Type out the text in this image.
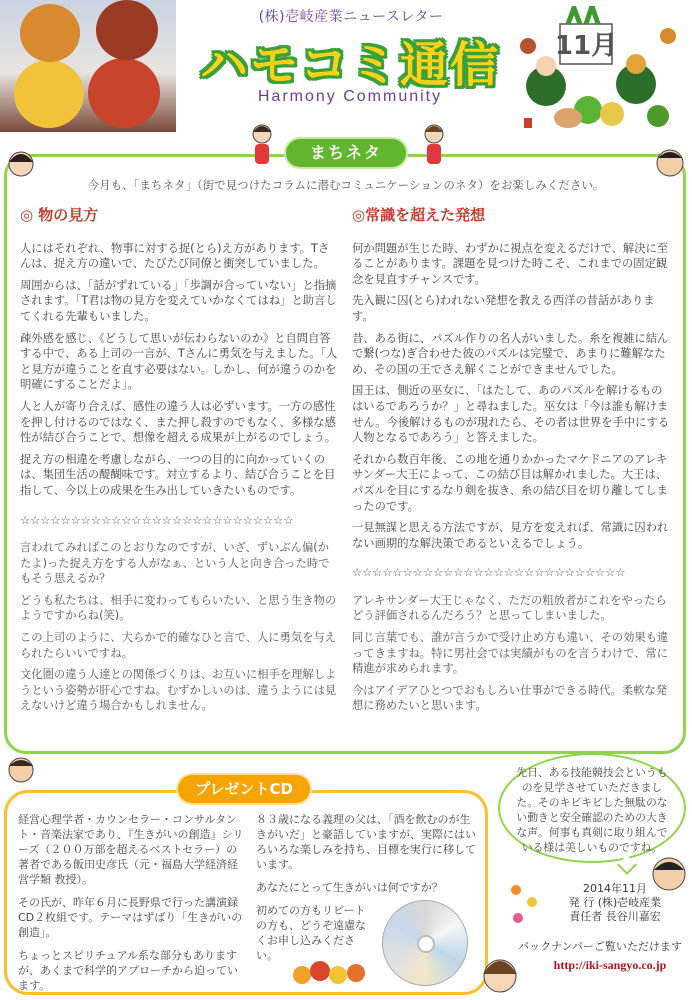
(株)壱岐産業ニュースレター
ハモコミ通信
Harmony Community
11月
まちネタ
今月も、「まちネタ」（街で見つけたコラムに潜むコミュニケーションのネタ）をお楽しみください。
◎ 物の見方

人にはそれぞれ、物事に対する捉(とら)え方があります。Tさんは、捉え方の違いで、たびたび同僚と衝突していました。

周囲からは、「話がずれている」「歩調が合っていない」と指摘されます。「T君は物の見方を変えていかなくてはね」と助言してくれる先輩もいました。

疎外感を感じ、《どうして思いが伝わらないのか》と自問自答する中で、ある上司の一言が、Tさんに勇気を与えました。「人と見方が違うことを直す必要はない。しかし、何が違うのかを明確にすることだよ」。

人と人が寄り合えば、感性の違う人は必ずいます。一方の感性を押し付けるのではなく、また押し殺すのでもなく、多様な感性が結び合うことで、想像を超える成果が上がるのでしょう。

捉え方の相違を考慮しながら、一つの目的に向かっていくのは、集団生活の醍醐味です。対立するより、結び合うことを目指して、今以上の成果を生み出していきたいものです。

☆☆☆☆☆☆☆☆☆☆☆☆☆☆☆☆☆☆☆☆☆☆☆☆☆☆☆

言われてみればこのとおりなのですが、いざ、ずいぶん偏(かたよ)った捉え方をする人がなぁ、という人と向き合った時でもそう思えるか？

どうも私たちは、相手に変わってもらいたい、と思う生き物のようですからね(笑)。

この上司のように、大らかで的確なひと言で、人に勇気を与えられたらいいですね。

文化圏の違う人達との関係づくりは、お互いに相手を理解しようという姿勢が肝心ですね。むずかしいのは、違うようには見えないけど違う場合かもしれません。

◎常識を超えた発想

何か問題が生じた時、わずかに視点を変えるだけで、解決に至ることがあります。課題を見つけた時こそ、これまでの固定観念を見直すチャンスです。

先入観に囚(とら)われない発想を教える西洋の昔話があります。

昔、ある街に、パズル作りの名人がいました。糸を複雑に結んで繋(つな)ぎ合わせた彼のパズルは完璧で、あまりに難解なため、その国の王でさえ解くことができませんでした。

国王は、側近の巫女に、「はたして、あのパズルを解けるものはいるであろうか？」と尋ねました。巫女は「今は誰も解けません。今後解けるものが現れたら、その者は世界を手中にする人物となるであろう」と答えました。

それから数百年後、この地を通りかかったマケドニアのアレキサンダー大王によって、この結び目は解かれました。大王は、パズルを目にするなり剣を抜き、糸の結び目を切り離してしまったのです。

一見無謀と思える方法ですが、見方を変えれば、常識に囚われない画期的な解決策であるといえるでしょう。

☆☆☆☆☆☆☆☆☆☆☆☆☆☆☆☆☆☆☆☆☆☆☆☆☆☆☆

アレキサンダー大王じゃなく、ただの粗放者がこれをやったらどう評価されるんだろう？と思ってしまいました。

同じ言葉でも、誰が言うかで受け止め方も違い、その効果も違ってきますね。特に男社会では実績がものを言うわけで、常に精進が求められます。

今はアイデアひとつでおもしろい仕事ができる時代。柔軟な発想に務めたいと思います。

プレゼントCD

経営心理学者・カウンセラー・コンサルタント・音楽法家であり、『生きがいの創造』シリーズ（２００万部を超えるベストセラー）の著者である飯田史彦氏（元・福島大学経済経営学類 教授）。

その氏が、昨年６月に長野県で行った講演録CD２枚組です。テーマはずばり「生きがいの創造」。

ちょっとスピリチュアル系な部分もありますが、あくまで科学的アプローチから迫っています。

８３歳になる義理の父は、「酒を飲むのが生きがいだ」と豪語していますが、実際にはいろいろな楽しみを持ち、目標を実行に移しています。

あなたにとって生きがいは何ですか？

初めての方もリピートの方も、どうぞ遠慮なくお申し込みください。

先日、ある技能競技会というものを見学させていただきました。そのキビキビした無駄のない動きと安全確認のための大きな声。何事も真剣に取り組んでいる様は美しいものですね。
2014年11月
発 行 (株)壱岐産業
責任者 長谷川嘉宏
バックナンバーご覧いただけます
http://iki-sangyo.co.jp
